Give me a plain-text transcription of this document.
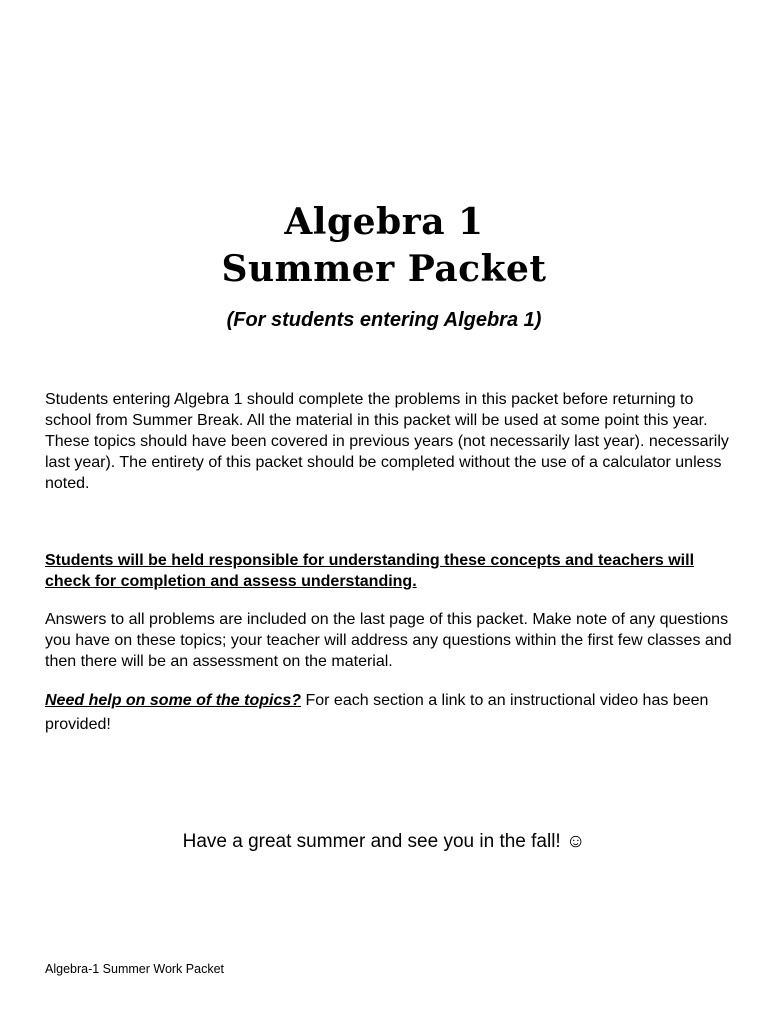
Algebra 1
Summer Packet
(For students entering Algebra 1)

Students entering Algebra 1 should complete the problems in this packet before returning to school from Summer Break. All the material in this packet will be used at some point this year. These topics should have been covered in previous years (not necessarily last year). necessarily last year). The entirety of this packet should be completed without the use of a calculator unless noted.

Students will be held responsible for understanding these concepts and teachers will check for completion and assess understanding.

Answers to all problems are included on the last page of this packet. Make note of any questions you have on these topics; your teacher will address any questions within the first few classes and then there will be an assessment on the material.

Need help on some of the topics? For each section a link to an instructional video has been provided!

Have a great summer and see you in the fall! ☺
Algebra-1 Summer Work Packet
